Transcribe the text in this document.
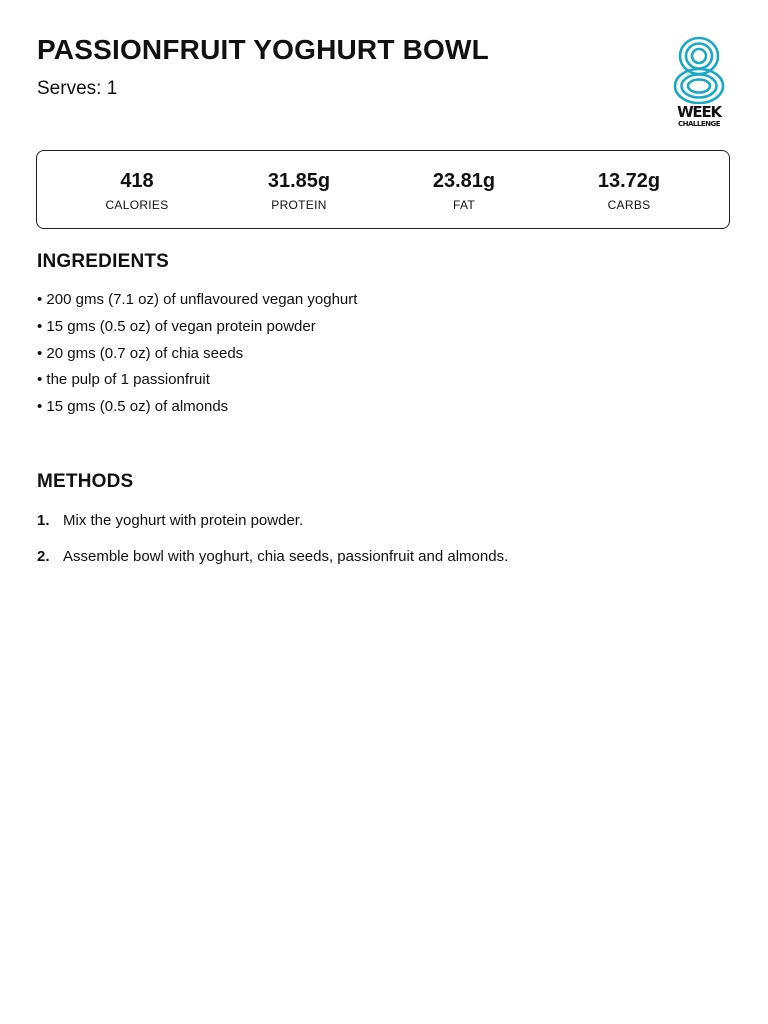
PASSIONFRUIT YOGHURT BOWL
Serves: 1
WEEK
CHALLENGE
418
CALORIES
31.85g
PROTEIN
23.81g
FAT
13.72g
CARBS
INGREDIENTS
• 200 gms (7.1 oz) of unflavoured vegan yoghurt
• 15 gms (0.5 oz) of vegan protein powder
• 20 gms (0.7 oz) of chia seeds
• the pulp of 1 passionfruit
• 15 gms (0.5 oz) of almonds
METHODS
1. Mix the yoghurt with protein powder.
2. Assemble bowl with yoghurt, chia seeds, passionfruit and almonds.
